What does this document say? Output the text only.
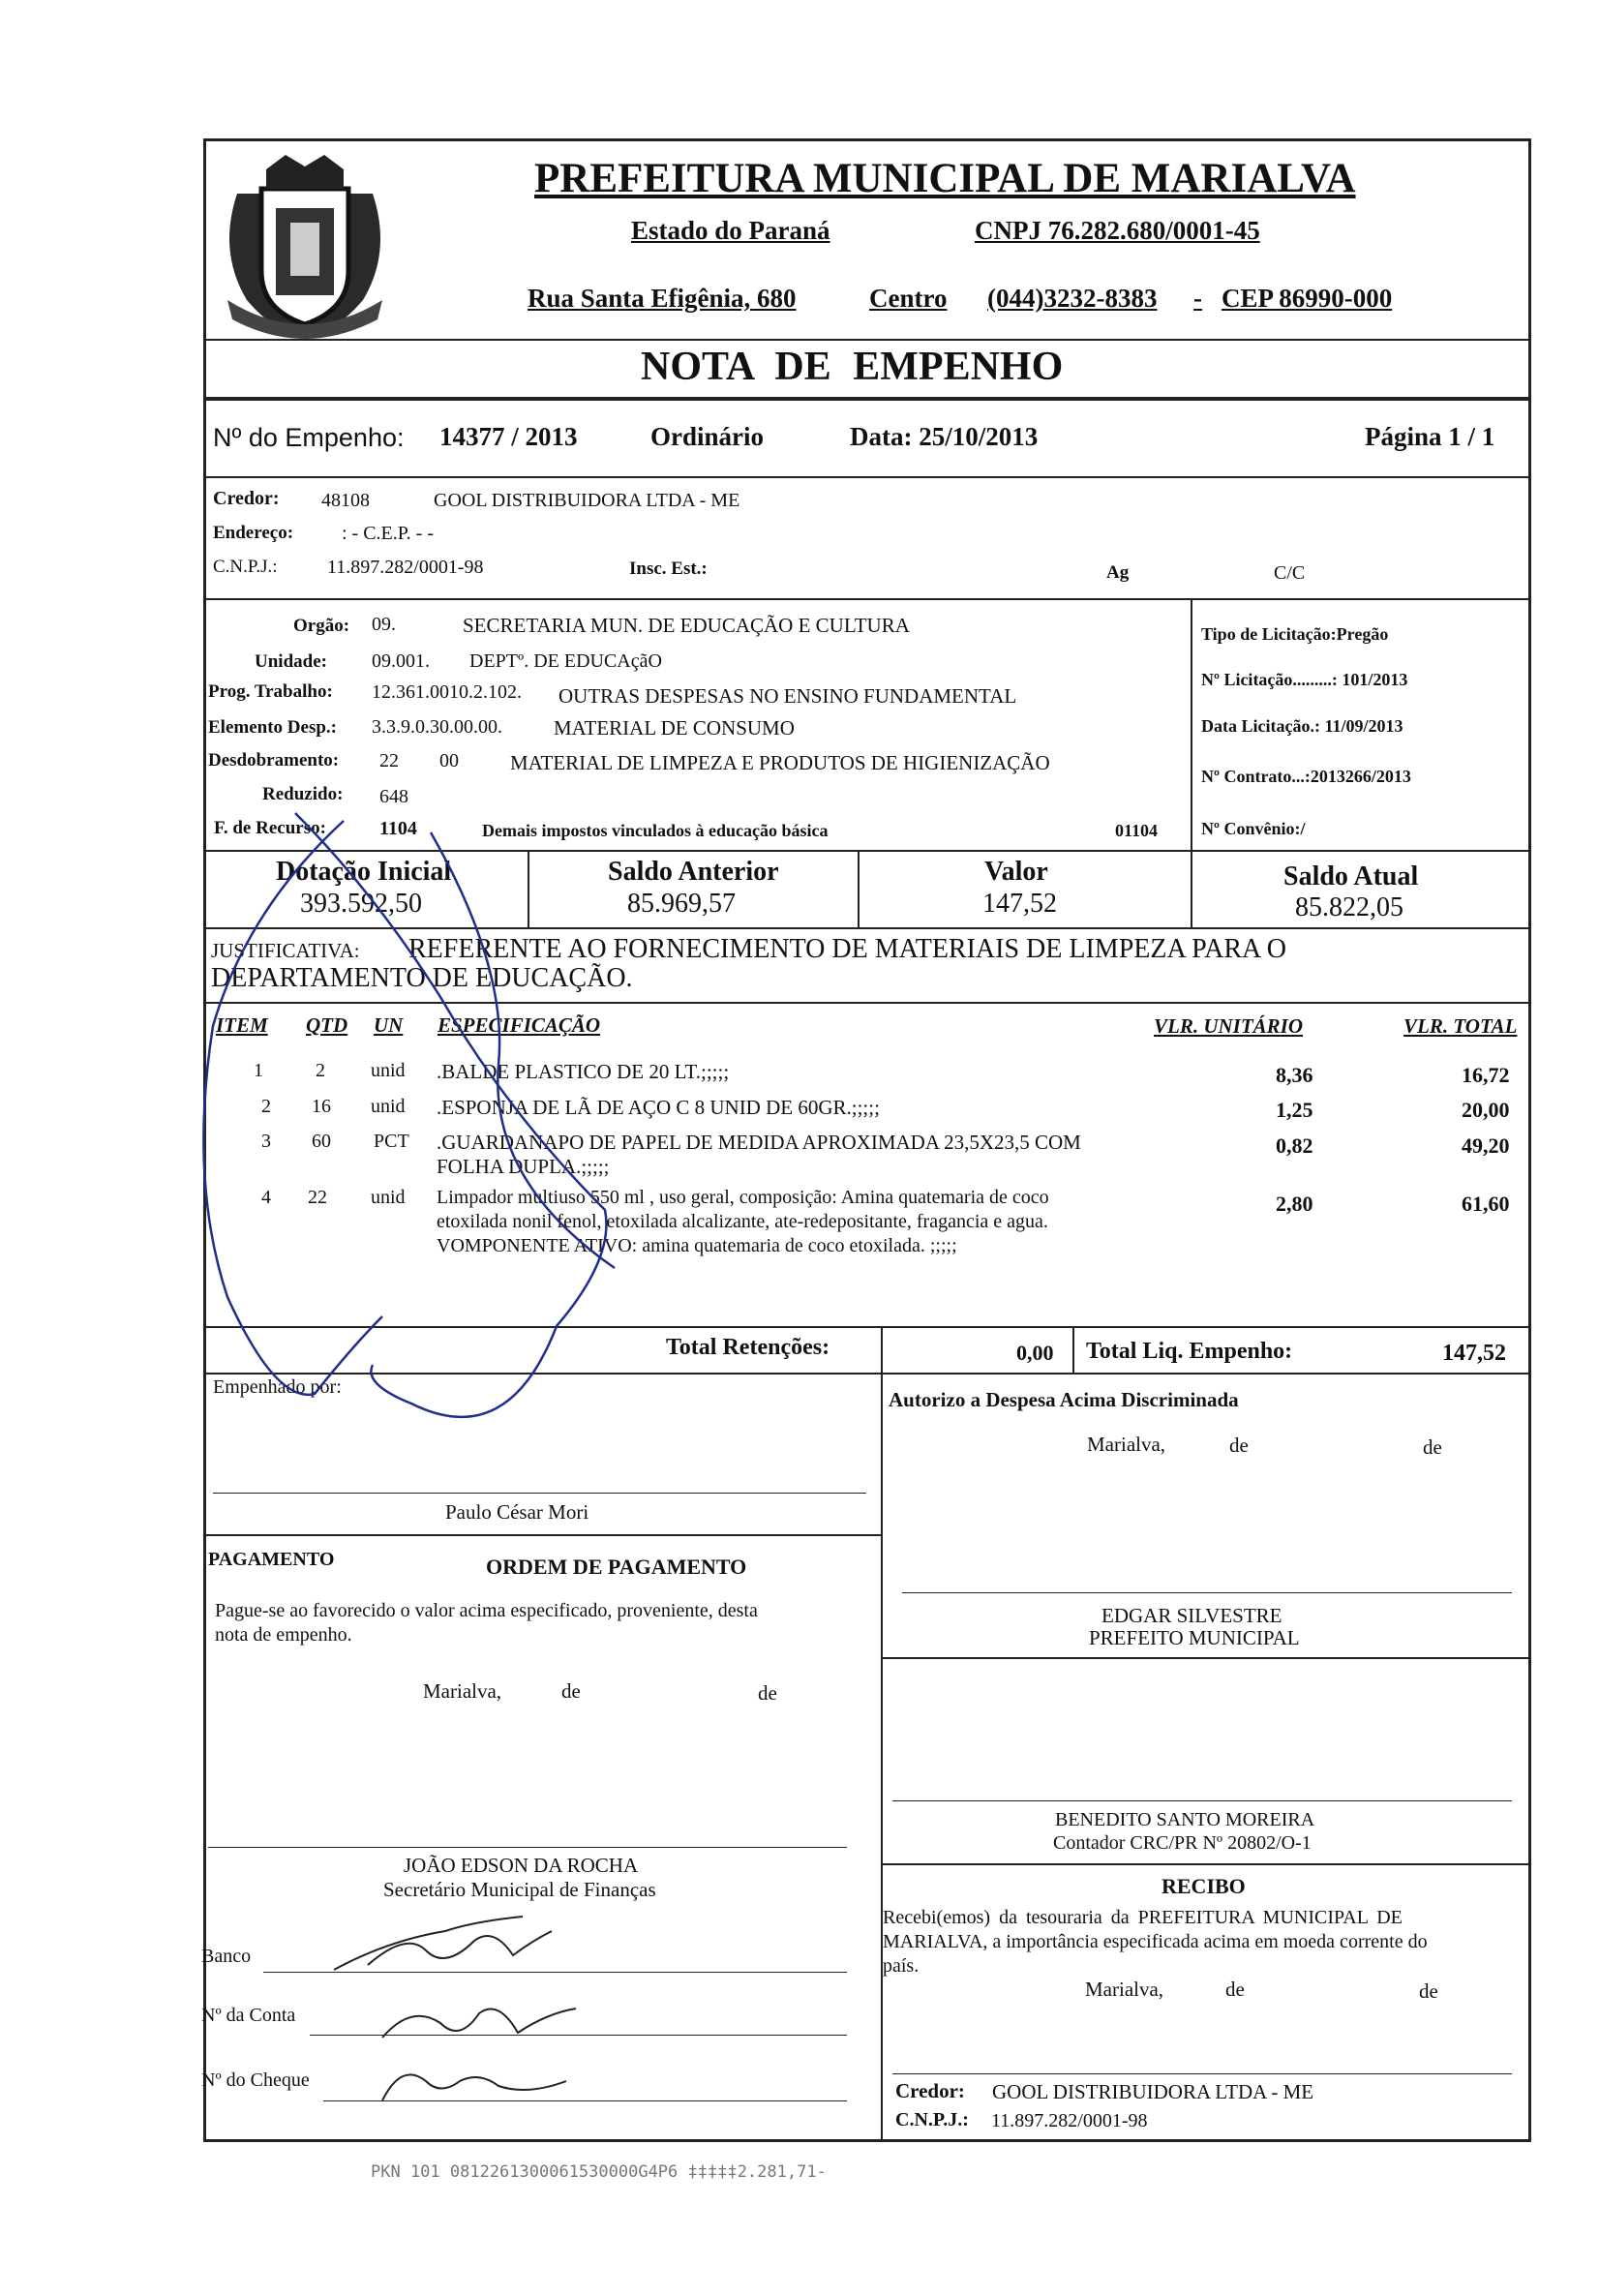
PREFEITURA MUNICIPAL DE MARIALVA
Estado do Paraná	CNPJ 76.282.680/0001-45
Rua Santa Efigênia, 680	Centro (044)3232-8383 - CEP 86990-000
NOTA DE EMPENHO
Nº do Empenho: 14377 / 2013	Ordinário	Data: 25/10/2013	Página 1 / 1
Credor: 48108	GOOL DISTRIBUIDORA LTDA - ME
Endereço: : - C.E.P. - -
C.N.P.J.:	11.897.282/0001-98	Insc. Est.:	Ag	C/C
Orgão: 09.	SECRETARIA MUN. DE EDUCAÇÃO E CULTURA
Unidade: 09.001. DEPTº. DE EDUCAçãO
Prog. Trabalho: 12.361.0010.2.102. OUTRAS DESPESAS NO ENSINO FUNDAMENTAL
Elemento Desp.: 3.3.9.0.30.00.00.	MATERIAL DE CONSUMO
Desdobramento: 22 00	MATERIAL DE LIMPEZA E PRODUTOS DE HIGIENIZAÇÃO
Reduzido: 648
F. de Recurso:	1104	Demais impostos vinculados à educação básica	01104
Tipo de Licitação:Pregão
Nº Licitação.........: 101/2013
Data Licitação.: 11/09/2013
Nº Contrato...:2013266/2013
Nº Convênio:/
Dotação Inicial
393.592,50
Saldo Anterior
85.969,57
Valor
147,52
Saldo Atual
85.822,05
JUSTIFICATIVA: REFERENTE AO FORNECIMENTO DE MATERIAIS DE LIMPEZA PARA O
DEPARTAMENTO DE EDUCAÇÃO.
ITEM QTD UN ESPECIFICAÇÃO	VLR. UNITÁRIO	VLR. TOTAL
1	2 unid .BALDE PLASTICO DE 20 LT.;;;;;	8,36	16,72
2 16 unid .ESPONJA DE LÃ DE AÇO C 8 UNID DE 60GR.;;;;;	1,25	20,00
3 60 PCT .GUARDANAPO DE PAPEL DE MEDIDA APROXIMADA 23,5X23,5 COM
FOLHA DUPLA.;;;;;
0,82	49,20
4 22 unid Limpador multiuso 550 ml , uso geral, composição: Amina quatemaria de coco
etoxilada nonil fenol, etoxilada alcalizante, ate-redepositante, fragancia e agua.
VOMPONENTE ATIVO: amina quatemaria de coco etoxilada. ;;;;;
2,80	61,60
Total Retenções:	0,00 Total Liq. Empenho:	147,52
Empenhado por:
Paulo César Mori
PAGAMENTO	ORDEM DE PAGAMENTO
Pague-se ao favorecido o valor acima especificado, proveniente, desta
nota de empenho.
Marialva,	de	de
JOÃO EDSON DA ROCHA
Secretário Municipal de Finanças
Banco
Nº da Conta
Nº do Cheque
Autorizo a Despesa Acima Discriminada
Marialva,	de	de
EDGAR SILVESTRE
PREFEITO MUNICIPAL
BENEDITO SANTO MOREIRA
Contador CRC/PR Nº 20802/O-1
RECIBO
Recebi(emos) da tesouraria da PREFEITURA MUNICIPAL DE
MARIALVA, a importância especificada acima em moeda corrente do
país.
Marialva,	de	de
Credor: GOOL DISTRIBUIDORA LTDA - ME
C.N.P.J.: 11.897.282/0001-98
PKN 101 0812261300061530000G4P6 ‡‡‡‡‡2.281,71-
